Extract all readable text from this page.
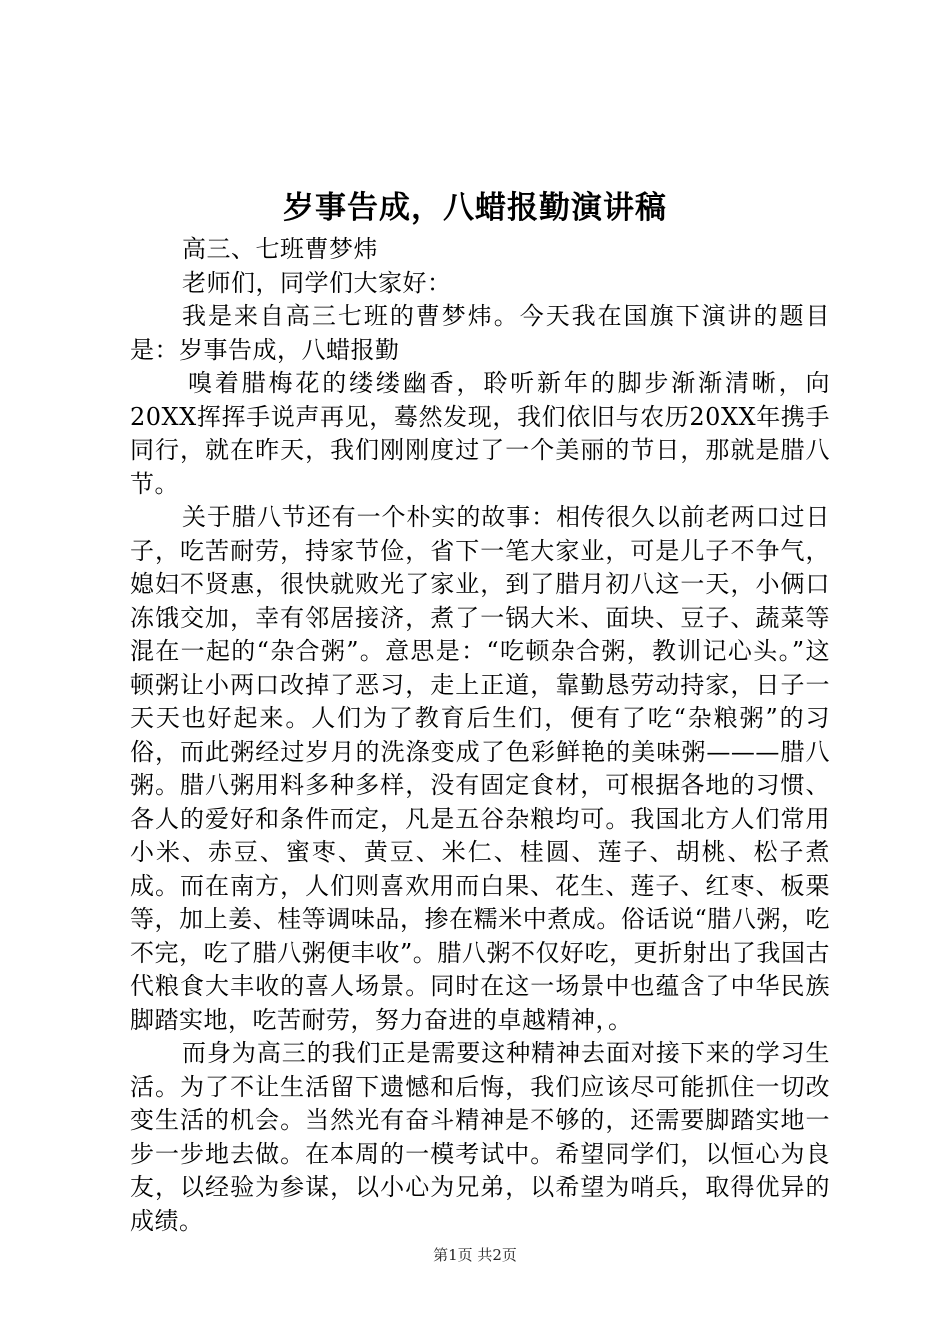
岁事告成，八蜡报勤演讲稿

高三、七班曹梦炜

老师们，同学们大家好：

我是来自高三七班的曹梦炜。今天我在国旗下演讲的题目是：岁事告成，八蜡报勤

嗅着腊梅花的缕缕幽香，聆听新年的脚步渐渐清晰，向20XX挥挥手说声再见，蓦然发现，我们依旧与农历20XX年携手同行，就在昨天，我们刚刚度过了一个美丽的节日，那就是腊八节。

关于腊八节还有一个朴实的故事：相传很久以前老两口过日子，吃苦耐劳，持家节俭，省下一笔大家业，可是儿子不争气，媳妇不贤惠，很快就败光了家业，到了腊月初八这一天，小俩口冻饿交加，幸有邻居接济，煮了一锅大米、面块、豆子、蔬菜等混在一起的“杂合粥”。意思是：“吃顿杂合粥，教训记心头。”这顿粥让小两口改掉了恶习，走上正道，靠勤恳劳动持家，日子一天天也好起来。人们为了教育后生们，便有了吃“杂粮粥”的习俗，而此粥经过岁月的洗涤变成了色彩鲜艳的美味粥———腊八粥。腊八粥用料多种多样，没有固定食材，可根据各地的习惯、各人的爱好和条件而定，凡是五谷杂粮均可。我国北方人们常用小米、赤豆、蜜枣、黄豆、米仁、桂圆、莲子、胡桃、松子煮成。而在南方，人们则喜欢用而白果、花生、莲子、红枣、板栗等，加上姜、桂等调味品，掺在糯米中煮成。俗话说“腊八粥，吃不完，吃了腊八粥便丰收”。腊八粥不仅好吃，更折射出了我国古代粮食大丰收的喜人场景。同时在这一场景中也蕴含了中华民族脚踏实地，吃苦耐劳，努力奋进的卓越精神，。

而身为高三的我们正是需要这种精神去面对接下来的学习生活。为了不让生活留下遗憾和后悔，我们应该尽可能抓住一切改变生活的机会。当然光有奋斗精神是不够的，还需要脚踏实地一步一步地去做。在本周的一模考试中。希望同学们，以恒心为良友，以经验为参谋，以小心为兄弟，以希望为哨兵，取得优异的成绩。

第1页 共2页
